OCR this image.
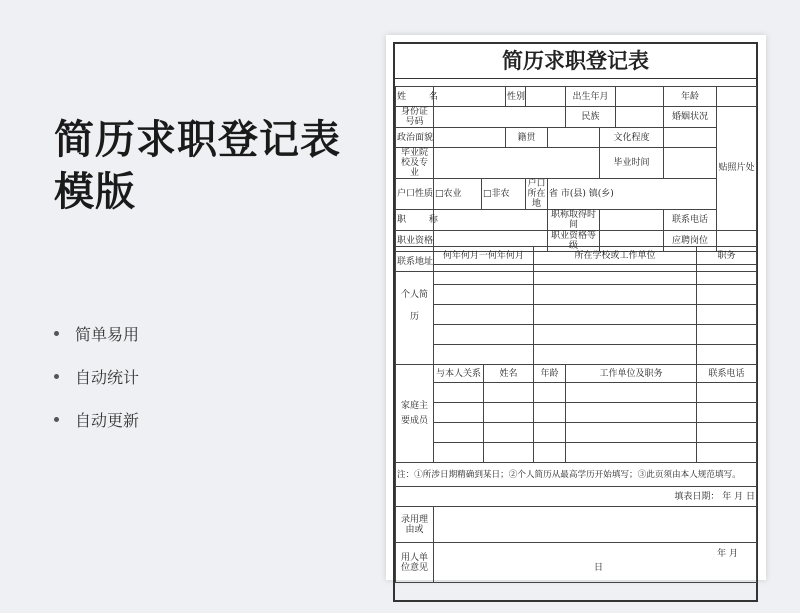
简历求职登记表
模版
简单易用
自动统计
自动更新
简历求职登记表
姓 名			性别			出生年月			年龄		
身份证号码						民族			婚姻状况	贴照片处	
政治面貌			籍贯				文化程度				
毕业院校及专业							毕业时间				
户口性质	□农业	□非农		户口所在地	省 市(县) 镇(乡)						
职 称					职称取得时间				联系电话		
职业资格					职业资格等级				应聘岗位		
联系地址											
个人简历	何年何月一何年何月	所在学校或工作单位	职务

家庭主要成员	与本人关系	姓名	年龄	工作单位及职务	联系电话

注：①所涉日期精确到某日；②个人简历从最高学历开始填写；③此页须由本人规范填写。	
填表日期： 年 月 日	
录用理由或	
用人单位意见	年 月
日
